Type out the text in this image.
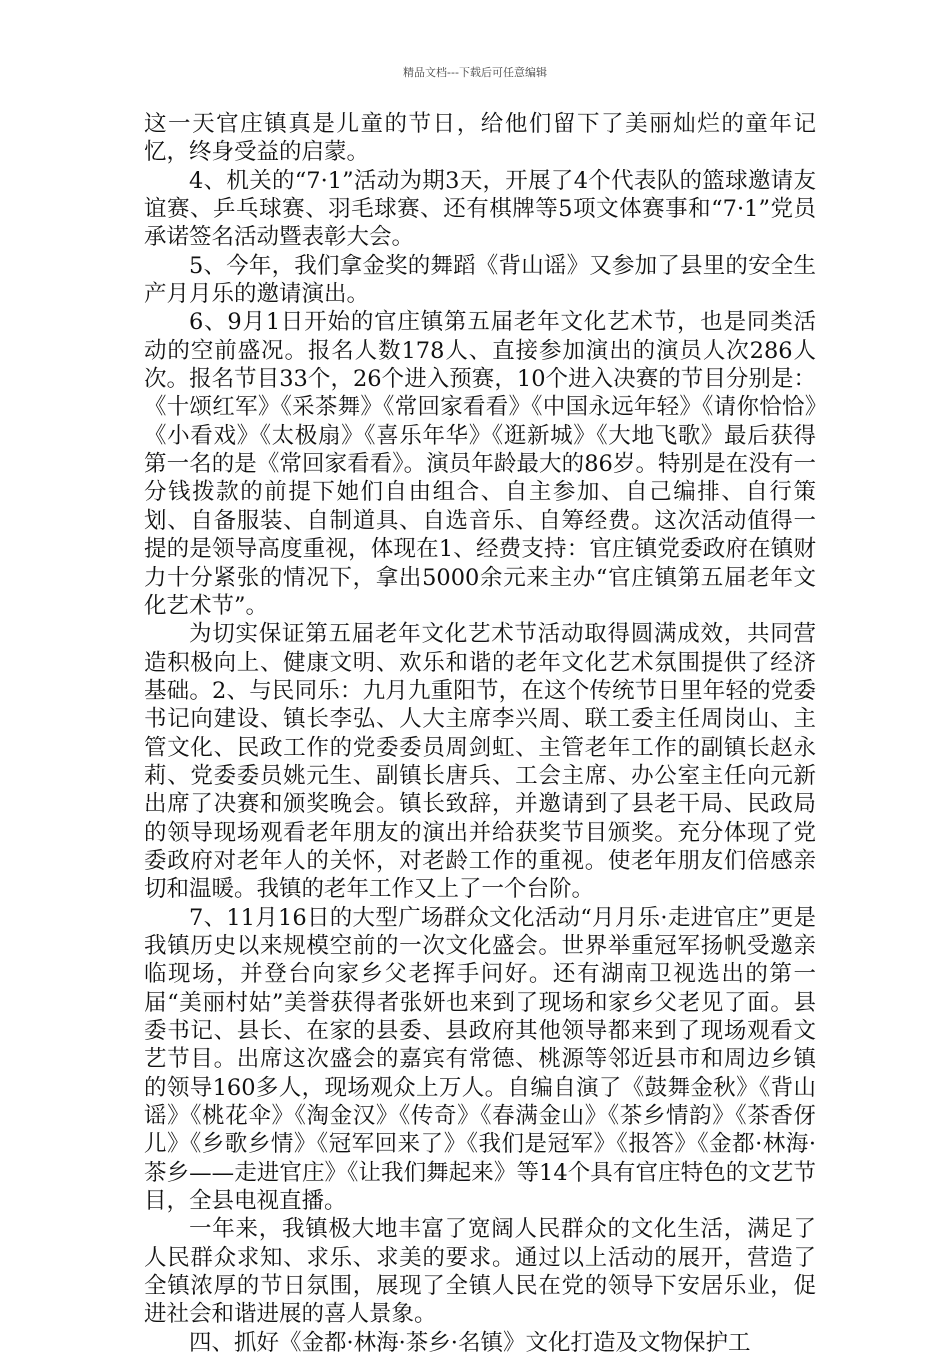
精品文档---下载后可任意编辑

这一天官庄镇真是儿童的节日，给他们留下了美丽灿烂的童年记忆，终身受益的启蒙。

4、机关的“7·1”活动为期3天，开展了4个代表队的篮球邀请友谊赛、乒乓球赛、羽毛球赛、还有棋牌等5项文体赛事和“7·1”党员承诺签名活动暨表彰大会。

5、今年，我们拿金奖的舞蹈《背山谣》又参加了县里的安全生产月月乐的邀请演出。

6、9月1日开始的官庄镇第五届老年文化艺术节，也是同类活动的空前盛况。报名人数178人、直接参加演出的演员人次286人次。报名节目33个，26个进入预赛，10个进入决赛的节目分别是：《十颂红军》《采茶舞》《常回家看看》《中国永远年轻》《请你恰恰》《小看戏》《太极扇》《喜乐年华》《逛新城》《大地飞歌》最后获得第一名的是《常回家看看》。演员年龄最大的86岁。特别是在没有一分钱拨款的前提下她们自由组合、自主参加、自己编排、自行策划、自备服装、自制道具、自选音乐、自筹经费。这次活动值得一提的是领导高度重视，体现在1、经费支持：官庄镇党委政府在镇财力十分紧张的情况下，拿出5000余元来主办“官庄镇第五届老年文化艺术节”。

为切实保证第五届老年文化艺术节活动取得圆满成效，共同营造积极向上、健康文明、欢乐和谐的老年文化艺术氛围提供了经济基础。2、与民同乐：九月九重阳节，在这个传统节日里年轻的党委书记向建设、镇长李弘、人大主席李兴周、联工委主任周岗山、主管文化、民政工作的党委委员周剑虹、主管老年工作的副镇长赵永莉、党委委员姚元生、副镇长唐兵、工会主席、办公室主任向元新出席了决赛和颁奖晚会。镇长致辞，并邀请到了县老干局、民政局的领导现场观看老年朋友的演出并给获奖节目颁奖。充分体现了党委政府对老年人的关怀，对老龄工作的重视。使老年朋友们倍感亲切和温暖。我镇的老年工作又上了一个台阶。

7、11月16日的大型广场群众文化活动“月月乐·走进官庄”更是我镇历史以来规模空前的一次文化盛会。世界举重冠军扬帆受邀亲临现场，并登台向家乡父老挥手问好。还有湖南卫视选出的第一届“美丽村姑”美誉获得者张妍也来到了现场和家乡父老见了面。县委书记、县长、在家的县委、县政府其他领导都来到了现场观看文艺节目。出席这次盛会的嘉宾有常德、桃源等邻近县市和周边乡镇的领导160多人，现场观众上万人。自编自演了《鼓舞金秋》《背山谣》《桃花伞》《淘金汉》《传奇》《春满金山》《茶乡情韵》《茶香伢儿》《乡歌乡情》《冠军回来了》《我们是冠军》《报答》《金都·林海·茶乡——走进官庄》《让我们舞起来》等14个具有官庄特色的文艺节目，全县电视直播。

一年来，我镇极大地丰富了宽阔人民群众的文化生活，满足了人民群众求知、求乐、求美的要求。通过以上活动的展开，营造了全镇浓厚的节日氛围，展现了全镇人民在党的领导下安居乐业，促进社会和谐进展的喜人景象。

四、抓好《金都·林海·茶乡·名镇》文化打造及文物保护工
